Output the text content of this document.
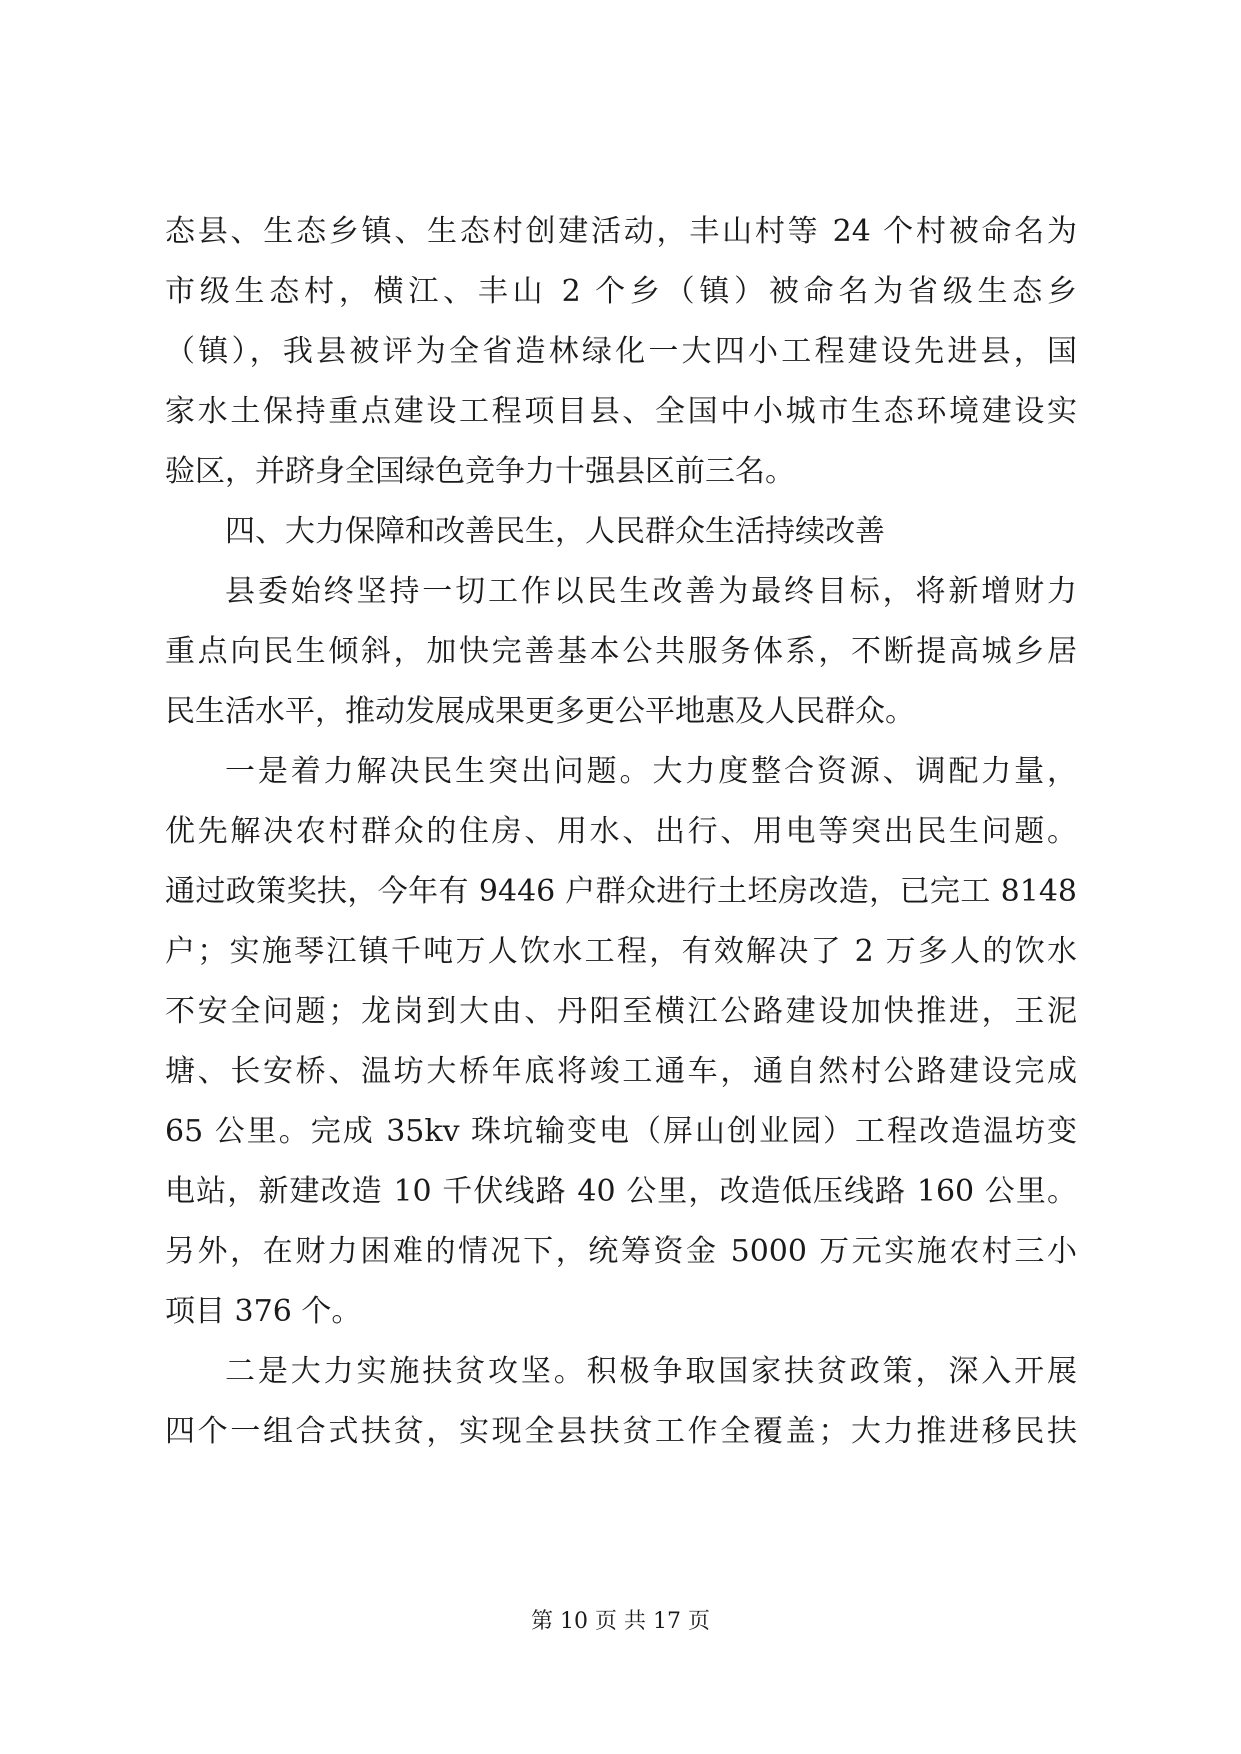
态县、生态乡镇、生态村创建活动，丰山村等 24 个村被命名为
市级生态村，横江、丰山 2 个乡（镇）被命名为省级生态乡
（镇），我县被评为全省造林绿化一大四小工程建设先进县，国
家水土保持重点建设工程项目县、全国中小城市生态环境建设实
验区，并跻身全国绿色竞争力十强县区前三名。
四、大力保障和改善民生，人民群众生活持续改善
县委始终坚持一切工作以民生改善为最终目标，将新增财力
重点向民生倾斜，加快完善基本公共服务体系，不断提高城乡居
民生活水平，推动发展成果更多更公平地惠及人民群众。
一是着力解决民生突出问题。大力度整合资源、调配力量，
优先解决农村群众的住房、用水、出行、用电等突出民生问题。
通过政策奖扶，今年有 9446 户群众进行土坯房改造，已完工 8148
户；实施琴江镇千吨万人饮水工程，有效解决了 2 万多人的饮水
不安全问题；龙岗到大由、丹阳至横江公路建设加快推进，王泥
塘、长安桥、温坊大桥年底将竣工通车，通自然村公路建设完成
65 公里。完成 35kv 珠坑输变电（屏山创业园）工程改造温坊变
电站，新建改造 10 千伏线路 40 公里，改造低压线路 160 公里。
另外，在财力困难的情况下，统筹资金 5000 万元实施农村三小
项目 376 个。
二是大力实施扶贫攻坚。积极争取国家扶贫政策，深入开展
四个一组合式扶贫，实现全县扶贫工作全覆盖；大力推进移民扶
第 10 页 共 17 页
